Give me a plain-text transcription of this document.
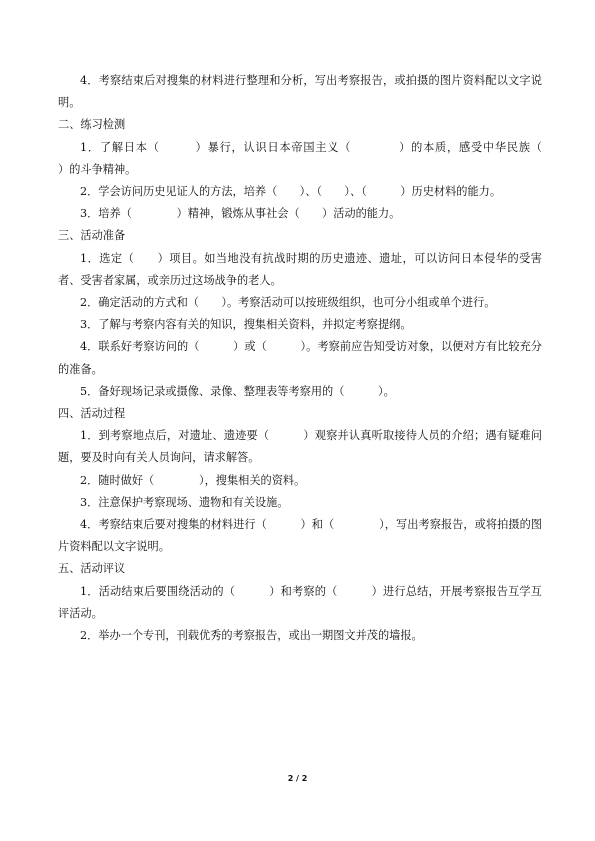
4．考察结束后对搜集的材料进行整理和分析，写出考察报告，或拍摄的图片资料配以文字说明。

二、练习检测

1．了解日本（　　　）暴行，认识日本帝国主义（　　　　）的本质，感受中华民族（　　　）的斗争精神。

2．学会访问历史见证人的方法，培养（　　）、（　　）、（　　　）历史材料的能力。

3．培养（　　　　）精神，锻炼从事社会（　　）活动的能力。

三、活动准备

1．选定（　　）项目。如当地没有抗战时期的历史遗迹、遗址，可以访问日本侵华的受害者、受害者家属，或亲历过这场战争的老人。

2．确定活动的方式和（　　）。考察活动可以按班级组织，也可分小组或单个进行。

3．了解与考察内容有关的知识，搜集相关资料，并拟定考察提纲。

4．联系好考察访问的（　　　）或（　　　）。考察前应告知受访对象，以便对方有比较充分的准备。

5．备好现场记录或摄像、录像、整理表等考察用的（　　　）。

四、活动过程

1．到考察地点后，对遗址、遗迹要（　　　）观察并认真听取接待人员的介绍；遇有疑难问题，要及时向有关人员询问，请求解答。

2．随时做好（　　　　），搜集相关的资料。

3．注意保护考察现场、遗物和有关设施。

4．考察结束后要对搜集的材料进行（　　　）和（　　　　），写出考察报告，或将拍摄的图片资料配以文字说明。

五、活动评议

1．活动结束后要围绕活动的（　　　）和考察的（　　　）进行总结，开展考察报告互学互评活动。

2．举办一个专刊，刊载优秀的考察报告，或出一期图文并茂的墙报。

2 / 2
